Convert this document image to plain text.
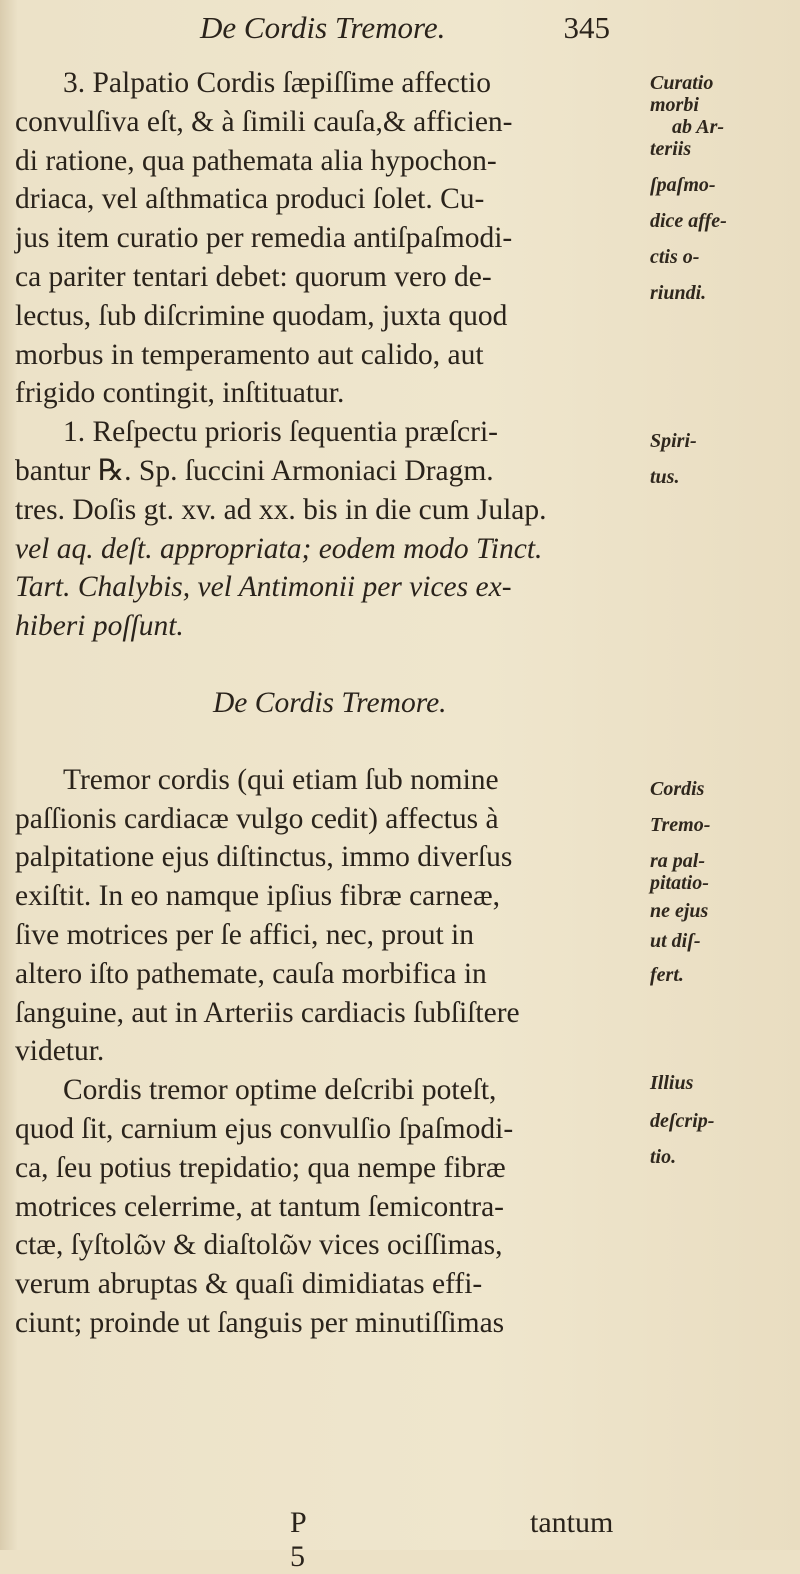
De Cordis Tremore.	345
3. Palpatio Cordis ſæpiſſime affectio
convulſiva eſt, & à ſimili cauſa,& afficien-
di ratione, qua pathemata alia hypochon-
driaca, vel aſthmatica produci ſolet. Cu-
jus item curatio per remedia antiſpaſmodi-
ca pariter tentari debet: quorum vero de-
lectus, ſub diſcrimine quodam, juxta quod
morbus in temperamento aut calido, aut
frigido contingit, inſtituatur.
1. Reſpectu prioris ſequentia præſcri-
bantur ℞. Sp. ſuccini Armoniaci Dragm.
tres. Doſis gt. xv. ad xx. bis in die cum Julap.
vel aq. deſt. appropriata; eodem modo Tinct.
Tart. Chalybis, vel Antimonii per vices ex-
hiberi poſſunt.
De Cordis Tremore.
Tremor cordis (qui etiam ſub nomine
paſſionis cardiacæ vulgo cedit) affectus à
palpitatione ejus diſtinctus, immo diverſus
exiſtit. In eo namque ipſius fibræ carneæ,
ſive motrices per ſe affici, nec, prout in
altero iſto pathemate, cauſa morbifica in
ſanguine, aut in Arteriis cardiacis ſubſiſtere
videtur.
Cordis tremor optime deſcribi poteſt,
quod ſit, carnium ejus convulſio ſpaſmodi-
ca, ſeu potius trepidatio; qua nempe fibræ
motrices celerrime, at tantum ſemicontra-
ctæ, ſyſtolῶν & diaſtolῶν vices ociſſimas,
verum abruptas & quaſi dimidiatas effi-
ciunt; proinde ut ſanguis per minutiſſimas
Curatio
morbi
ab Ar-
teriis
ſpaſmo-
dice affe-
ctis o-
riundi.
Spiri-
tus.
Cordis
Tremo-
ra pal-
pitatio-
ne ejus
ut diſ-
fert.
Illius
deſcrip-
tio.
P 5
tantum
